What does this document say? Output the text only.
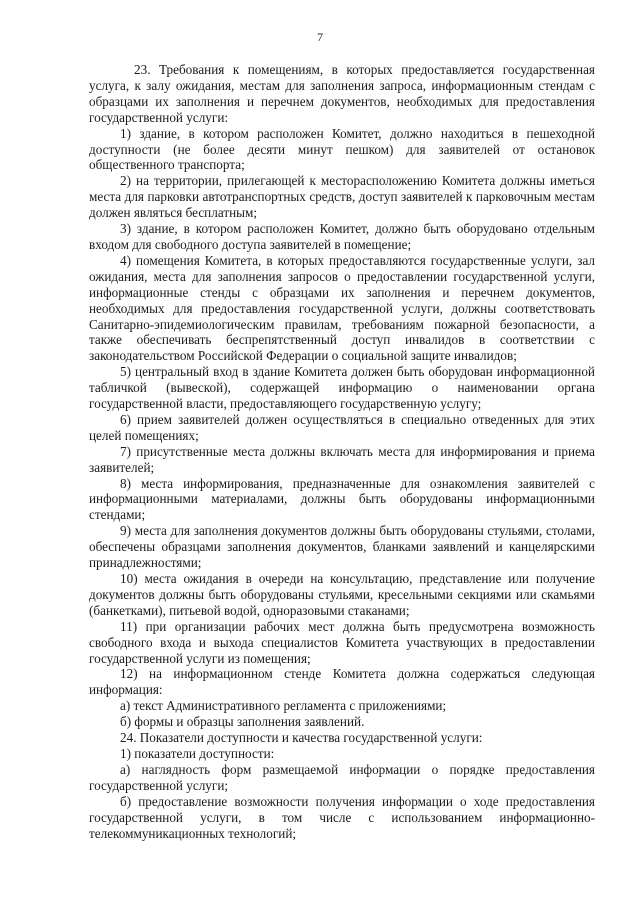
7

23. Требования к помещениям, в которых предоставляется государственная услуга, к залу ожидания, местам для заполнения запроса, информационным стендам с образцами их заполнения и перечнем документов, необходимых для предоставления государственной услуги:

1) здание, в котором расположен Комитет, должно находиться в пешеходной доступности (не более десяти минут пешком) для заявителей от остановок общественного транспорта;

2) на территории, прилегающей к месторасположению Комитета должны иметься места для парковки автотранспортных средств, доступ заявителей к парковочным местам должен являться бесплатным;

3) здание, в котором расположен Комитет, должно быть оборудовано отдельным входом для свободного доступа заявителей в помещение;

4) помещения Комитета, в которых предоставляются государственные услуги, зал ожидания, места для заполнения запросов о предоставлении государственной услуги, информационные стенды с образцами их заполнения и перечнем документов, необходимых для предоставления государственной услуги, должны соответствовать Санитарно-эпидемиологическим правилам, требованиям пожарной безопасности, а также обеспечивать беспрепятственный доступ инвалидов в соответствии с законодательством Российской Федерации о социальной защите инвалидов;

5) центральный вход в здание Комитета должен быть оборудован информационной табличкой (вывеской), содержащей информацию о наименовании органа государственной власти, предоставляющего государственную услугу;

6) прием заявителей должен осуществляться в специально отведенных для этих целей помещениях;

7) присутственные места должны включать места для информирования и приема заявителей;

8) места информирования, предназначенные для ознакомления заявителей с информационными материалами, должны быть оборудованы информационными стендами;

9) места для заполнения документов должны быть оборудованы стульями, столами, обеспечены образцами заполнения документов, бланками заявлений и канцелярскими принадлежностями;

10) места ожидания в очереди на консультацию, представление или получение документов должны быть оборудованы стульями, кресельными секциями или скамьями (банкетками), питьевой водой, одноразовыми стаканами;

11) при организации рабочих мест должна быть предусмотрена возможность свободного входа и выхода специалистов Комитета участвующих в предоставлении государственной услуги из помещения;

12) на информационном стенде Комитета должна содержаться следующая информация:

а) текст Административного регламента с приложениями;

б) формы и образцы заполнения заявлений.

24. Показатели доступности и качества государственной услуги:

1) показатели доступности:

а) наглядность форм размещаемой информации о порядке предоставления государственной услуги;

б) предоставление возможности получения информации о ходе предоставления государственной услуги, в том числе с использованием информационно-телекоммуникационных технологий;
